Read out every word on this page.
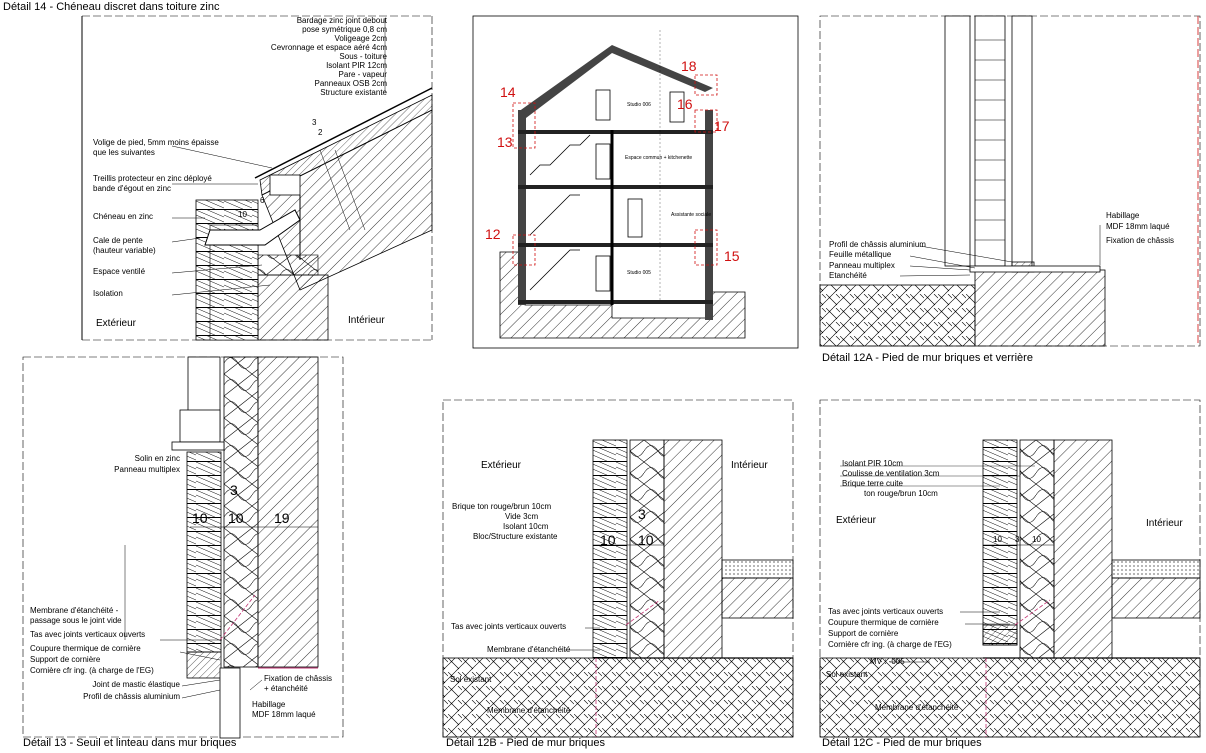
Détail 14 - Chéneau discret dans toiture zinc
Bardage zinc joint debout
pose symétrique 0,8 cm
Voligeage 2cm
Cevronnage et espace aéré 4cm
Sous - toiture
Isolant PIR 12cm
Pare - vapeur
Panneaux OSB 2cm
Structure existante
Volige de pied, 5mm moins épaisse
que les suivantes
Treillis protecteur en zinc déployé
bande d'égout en zinc
Chéneau en zinc
Cale de pente
(hauteur variable)
Espace ventilé
Isolation
Extérieur	Intérieur
3
2
6
10
14
13
12
18
16
17
15
Studio 006
Espace commun + kitchenette
Assistante sociale
Studio 005
Détail 12A - Pied de mur briques et verrière
Profil de châssis aluminium
Feuille métallique
Panneau multiplex
Etanchéité
Habillage
MDF 18mm laqué
Fixation de châssis
Détail 13 - Seuil et linteau dans mur briques
3
10 10 19
Solin en zinc
Panneau multiplex
Membrane d'étanchéité -
passage sous le joint vide
Tas avec joints verticaux ouverts
Coupure thermique de cornière
Support de cornière
Cornière cfr ing. (à charge de l'EG)
Joint de mastic élastique
Profil de châssis aluminium
Fixation de châssis
+ étanchéité
Habillage
MDF 18mm laqué
Détail 12B - Pied de mur briques
Extérieur	Intérieur
Brique ton rouge/brun 10cm
Vide 3cm
Isolant 10cm
Bloc/Structure existante
3
10 10
Tas avec joints verticaux ouverts
Membrane d'étanchéité
Sol existant
Membrane d'étanchéité
Détail 12C - Pied de mur briques
Extérieur	Intérieur
Isolant PIR 10cm
Coulisse de ventilation 3cm
Brique terre cuite
ton rouge/brun 10cm
10 3 10
Tas avec joints verticaux ouverts
Coupure thermique de cornière
Support de cornière
Cornière cfr ing. (à charge de l'EG)
Sol existant
Membrane d'étanchéité
MV : -005
